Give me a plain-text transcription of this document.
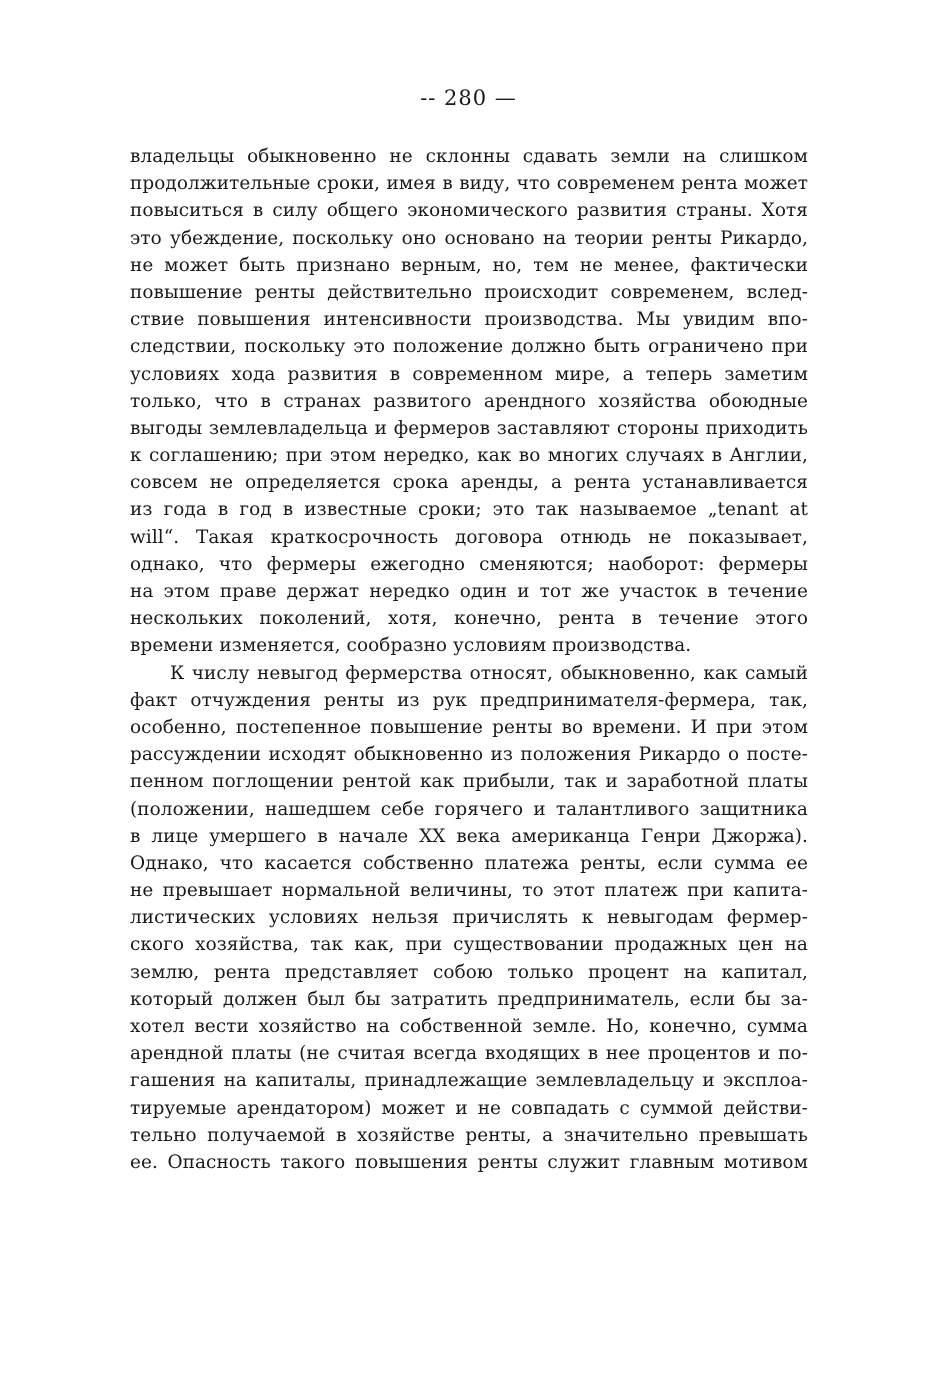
-- 280 —
владельцы обыкновенно не склонны сдавать земли на слишком
продолжительные сроки, имея в виду, что современем рента может
повыситься в силу общего экономического развития страны. Хотя
это убеждение, поскольку оно основано на теории ренты Рикардо,
не может быть признано верным, но, тем не менее, фактически
повышение ренты действительно происходит современем, вслед-
ствие повышения интенсивности производства. Мы увидим впо-
следствии, поскольку это положение должно быть ограничено при
условиях хода развития в современном мире, а теперь заметим
только, что в странах развитого арендного хозяйства обоюдные
выгоды землевладельца и фермеров заставляют стороны приходить
к соглашению; при этом нередко, как во многих случаях в Англии,
совсем не определяется срока аренды, а рента устанавливается
из года в год в известные сроки; это так называемое „tenant at
will“. Такая краткосрочность договора отнюдь не показывает,
однако, что фермеры ежегодно сменяются; наоборот: фермеры
на этом праве держат нередко один и тот же участок в течение
нескольких поколений, хотя, конечно, рента в течение этого
времени изменяется, сообразно условиям производства.
К числу невыгод фермерства относят, обыкновенно, как самый
факт отчуждения ренты из рук предпринимателя-фермера, так,
особенно, постепенное повышение ренты во времени. И при этом
рассуждении исходят обыкновенно из положения Рикардо о посте-
пенном поглощении рентой как прибыли, так и заработной платы
(положении, нашедшем себе горячего и талантливого защитника
в лице умершего в начале XX века американца Генри Джоржа).
Однако, что касается собственно платежа ренты, если сумма ее
не превышает нормальной величины, то этот платеж при капита-
листических условиях нельзя причислять к невыгодам фермер-
ского хозяйства, так как, при существовании продажных цен на
землю, рента представляет собою только процент на капитал,
который должен был бы затратить предприниматель, если бы за-
хотел вести хозяйство на собственной земле. Но, конечно, сумма
арендной платы (не считая всегда входящих в нее процентов и по-
гашения на капиталы, принадлежащие землевладельцу и эксплоа-
тируемые арендатором) может и не совпадать с суммой действи-
тельно получаемой в хозяйстве ренты, а значительно превышать
ее. Опасность такого повышения ренты служит главным мотивом
